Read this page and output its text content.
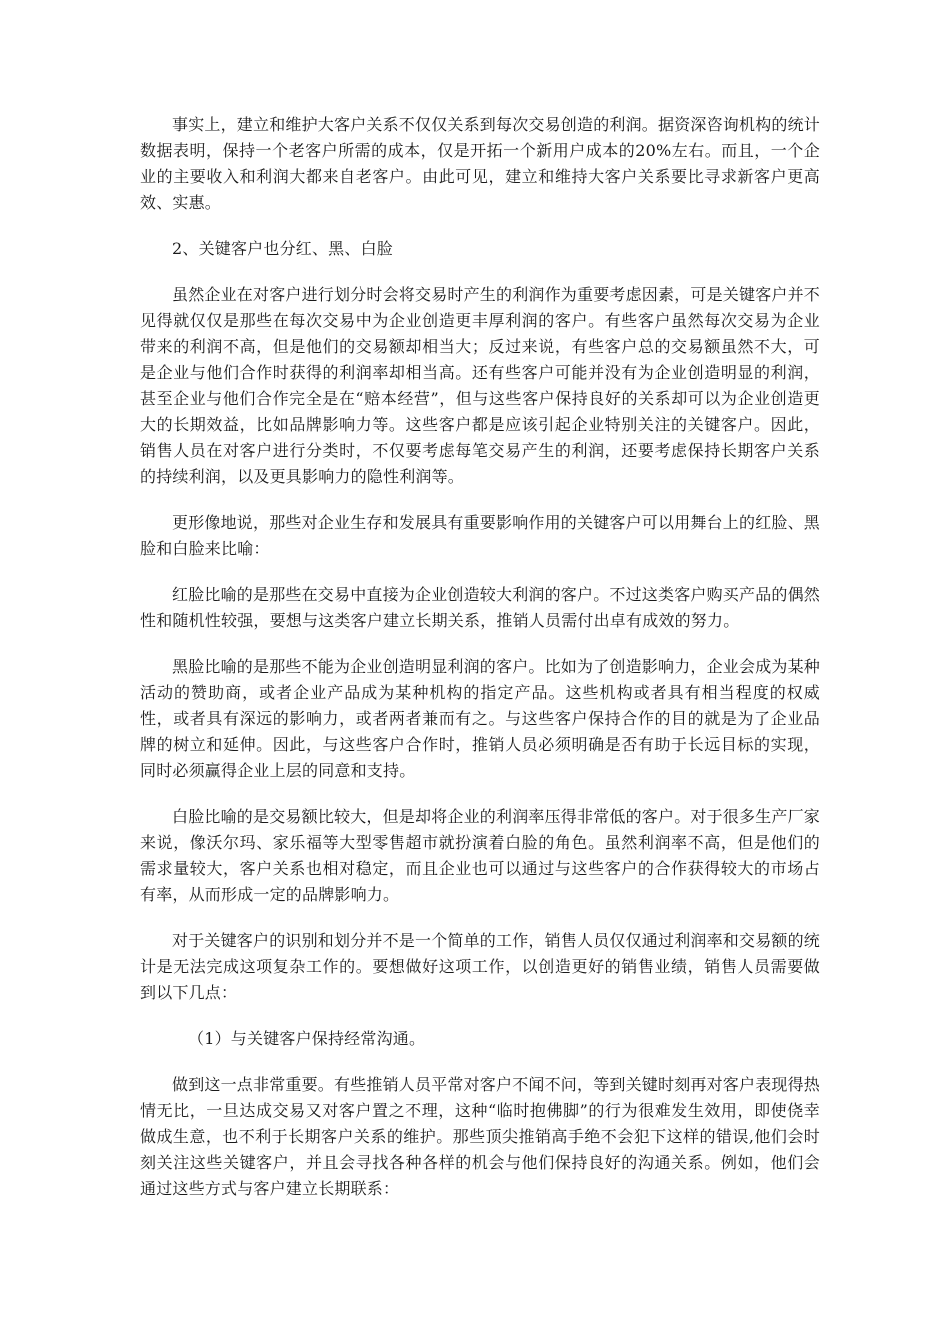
事实上，建立和维护大客户关系不仅仅关系到每次交易创造的利润。据资深咨询机构的统计数据表明，保持一个老客户所需的成本，仅是开拓一个新用户成本的20%左右。而且，一个企业的主要收入和利润大都来自老客户。由此可见，建立和维持大客户关系要比寻求新客户更高效、实惠。

2、关键客户也分红、黑、白脸

虽然企业在对客户进行划分时会将交易时产生的利润作为重要考虑因素，可是关键客户并不见得就仅仅是那些在每次交易中为企业创造更丰厚利润的客户。有些客户虽然每次交易为企业带来的利润不高，但是他们的交易额却相当大；反过来说，有些客户总的交易额虽然不大，可是企业与他们合作时获得的利润率却相当高。还有些客户可能并没有为企业创造明显的利润，甚至企业与他们合作完全是在“赔本经营”，但与这些客户保持良好的关系却可以为企业创造更大的长期效益，比如品牌影响力等。这些客户都是应该引起企业特别关注的关键客户。因此，销售人员在对客户进行分类时，不仅要考虑每笔交易产生的利润，还要考虑保持长期客户关系的持续利润，以及更具影响力的隐性利润等。

更形像地说，那些对企业生存和发展具有重要影响作用的关键客户可以用舞台上的红脸、黑脸和白脸来比喻：

红脸比喻的是那些在交易中直接为企业创造较大利润的客户。不过这类客户购买产品的偶然性和随机性较强，要想与这类客户建立长期关系，推销人员需付出卓有成效的努力。

黑脸比喻的是那些不能为企业创造明显利润的客户。比如为了创造影响力，企业会成为某种活动的赞助商，或者企业产品成为某种机构的指定产品。这些机构或者具有相当程度的权威性，或者具有深远的影响力，或者两者兼而有之。与这些客户保持合作的目的就是为了企业品牌的树立和延伸。因此，与这些客户合作时，推销人员必须明确是否有助于长远目标的实现，同时必须赢得企业上层的同意和支持。

白脸比喻的是交易额比较大，但是却将企业的利润率压得非常低的客户。对于很多生产厂家来说，像沃尔玛、家乐福等大型零售超市就扮演着白脸的角色。虽然利润率不高，但是他们的需求量较大，客户关系也相对稳定，而且企业也可以通过与这些客户的合作获得较大的市场占有率，从而形成一定的品牌影响力。

对于关键客户的识别和划分并不是一个简单的工作，销售人员仅仅通过利润率和交易额的统计是无法完成这项复杂工作的。要想做好这项工作，以创造更好的销售业绩，销售人员需要做到以下几点：

（1）与关键客户保持经常沟通。

做到这一点非常重要。有些推销人员平常对客户不闻不问，等到关键时刻再对客户表现得热情无比，一旦达成交易又对客户置之不理，这种“临时抱佛脚”的行为很难发生效用，即使侥幸做成生意，也不利于长期客户关系的维护。那些顶尖推销高手绝不会犯下这样的错误,他们会时刻关注这些关键客户，并且会寻找各种各样的机会与他们保持良好的沟通关系。例如，他们会通过这些方式与客户建立长期联系：
